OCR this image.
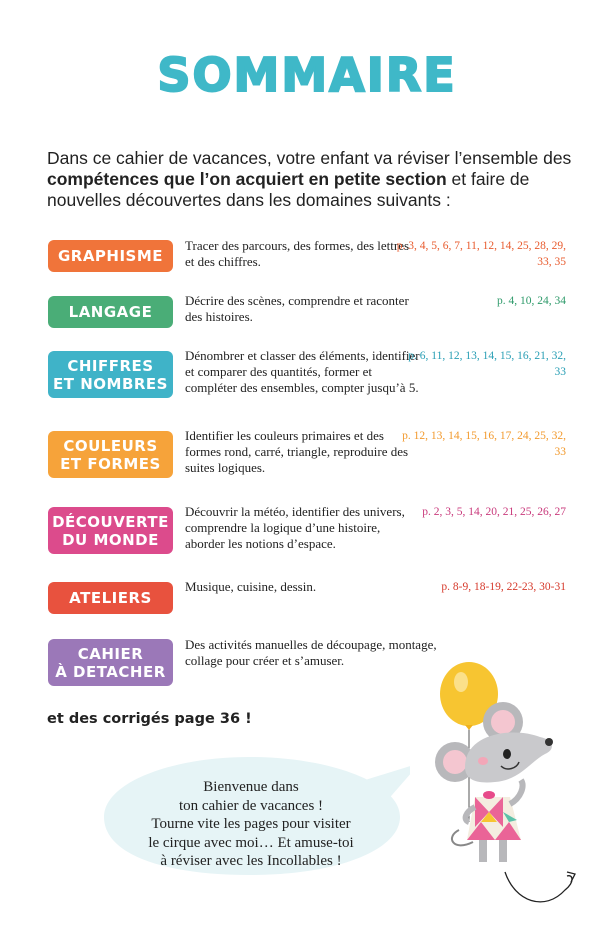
SOMMAIRE
Dans ce cahier de vacances, votre enfant va réviser l’ensemble des compétences que l’on acquiert en petite section et faire de nouvelles découvertes dans les domaines suivants :
GRAPHISME
Tracer des parcours, des formes, des lettres et des chiffres.
p. 3, 4, 5, 6, 7, 11, 12, 14, 25, 28, 29, 33, 35
LANGAGE
Décrire des scènes, comprendre et raconter des histoires.
p. 4, 10, 24, 34
CHIFFRES
ET NOMBRES
Dénombrer et classer des éléments, identifier et comparer des quantités, former et compléter des ensembles, compter jusqu’à 5.
p. 6, 11, 12, 13, 14, 15, 16, 21, 32, 33
COULEURS
ET FORMES
Identifier les couleurs primaires et des formes rond, carré, triangle, reproduire des suites logiques.
p. 12, 13, 14, 15, 16, 17, 24, 25, 32, 33
DÉCOUVERTE
DU MONDE
Découvrir la météo, identifier des univers, comprendre la logique d’une histoire, aborder les notions d’espace.
p. 2, 3, 5, 14, 20, 21, 25, 26, 27
ATELIERS
Musique, cuisine, dessin.	p. 8-9, 18-19, 22-23, 30-31
CAHIER
À DETACHER
Des activités manuelles de découpage, montage, collage pour créer et s’amuser.
et des corrigés page 36 !
Bienvenue dans
ton cahier de vacances !
Tourne vite les pages pour visiter
le cirque avec moi… Et amuse-toi
à réviser avec les Incollables !
